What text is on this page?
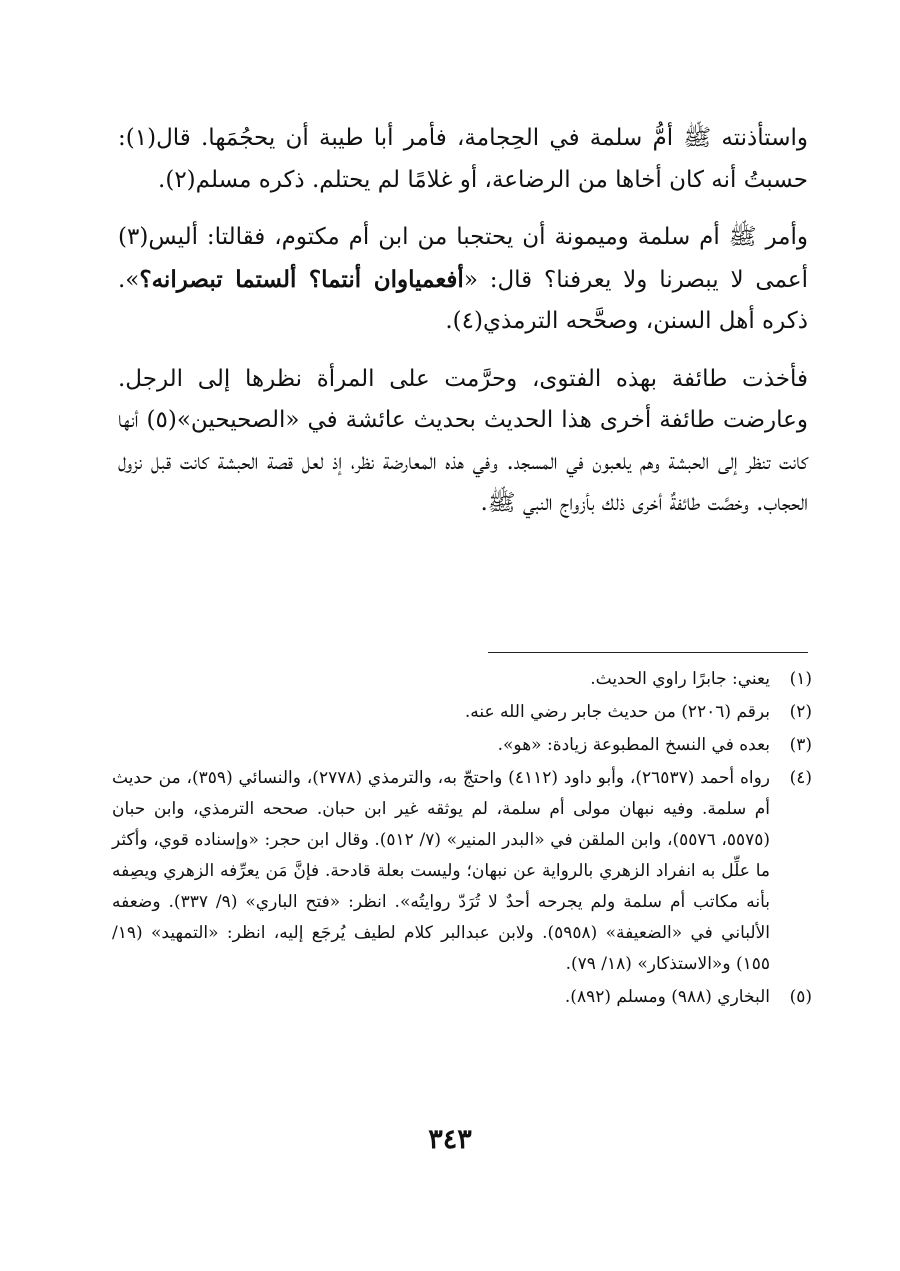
واستأذنته ﷺ أمُّ سلمة في الحِجامة، فأمر أبا طيبة أن يحجُمَها. قال(١): حسبتُ أنه كان أخاها من الرضاعة، أو غلامًا لم يحتلم. ذكره مسلم(٢).

وأمر ﷺ أم سلمة وميمونة أن يحتجبا من ابن أم مكتوم، فقالتا: أليس(٣) أعمى لا يبصرنا ولا يعرفنا؟ قال: «أفعمياوان أنتما؟ ألستما تبصرانه؟». ذكره أهل السنن، وصحَّحه الترمذي(٤).

فأخذت طائفة بهذه الفتوى، وحرَّمت على المرأة نظرها إلى الرجل. وعارضت طائفة أخرى هذا الحديث بحديث عائشة في «الصحيحين»(٥) أنها كانت تنظر إلى الحبشة وهم يلعبون في المسجد. وفي هذه المعارضة نظر، إذ لعل قصة الحبشة كانت قبل نزول الحجاب. وخصَّت طائفةٌ أخرى ذلك بأزواج النبي ﷺ.

(١)
يعني: جابرًا راوي الحديث.
(٢)
برقم (٢٢٠٦) من حديث جابر رضي الله عنه.
(٣)
بعده في النسخ المطبوعة زيادة: «هو».
(٤)
رواه أحمد (٢٦٥٣٧)، وأبو داود (٤١١٢) واحتجّ به، والترمذي (٢٧٧٨)، والنسائي (٣٥٩)، من حديث أم سلمة. وفيه نبهان مولى أم سلمة، لم يوثقه غير ابن حبان. صححه الترمذي، وابن حبان (٥٥٧٥، ٥٥٧٦)، وابن الملقن في «البدر المنير» (٧/ ٥١٢). وقال ابن حجر: «وإسناده قوي، وأكثر ما علِّل به انفراد الزهري بالرواية عن نبهان؛ وليست بعلة قادحة. فإنَّ مَن يعرِّفه الزهري ويصِفه بأنه مكاتب أم سلمة ولم يجرحه أحدٌ لا تُرَدّ روايتُه». انظر: «فتح الباري» (٩/ ٣٣٧). وضعفه الألباني في «الضعيفة» (٥٩٥٨). ولابن عبدالبر كلام لطيف يُرجَع إليه، انظر: «التمهيد» (١٩/ ١٥٥) و«الاستذكار» (١٨/ ٧٩).
(٥)
البخاري (٩٨٨) ومسلم (٨٩٢).
٣٤٣
